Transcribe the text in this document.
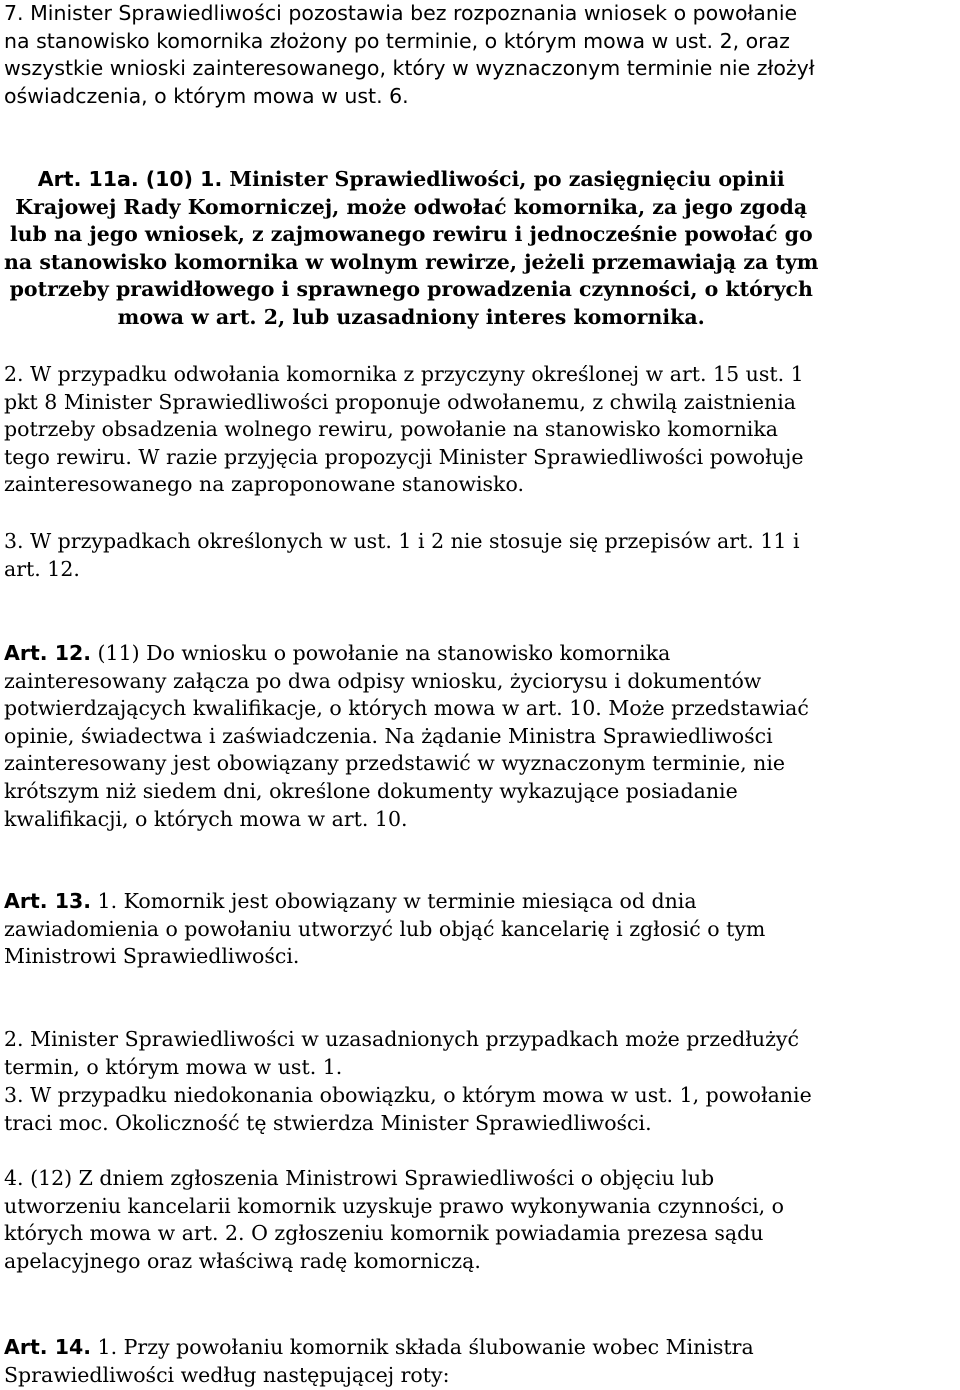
7. Minister Sprawiedliwości pozostawia bez rozpoznania wniosek o powołanie
na stanowisko komornika złożony po terminie, o którym mowa w ust. 2, oraz
wszystkie wnioski zainteresowanego, który w wyznaczonym terminie nie złożył
oświadczenia, o którym mowa w ust. 6.

Art. 11a. (10) 1. Minister Sprawiedliwości, po zasięgnięciu opinii
Krajowej Rady Komorniczej, może odwołać komornika, za jego zgodą
lub na jego wniosek, z zajmowanego rewiru i jednocześnie powołać go
na stanowisko komornika w wolnym rewirze, jeżeli przemawiają za tym
potrzeby prawidłowego i sprawnego prowadzenia czynności, o których
mowa w art. 2, lub uzasadniony interes komornika.

2. W przypadku odwołania komornika z przyczyny określonej w art. 15 ust. 1
pkt 8 Minister Sprawiedliwości proponuje odwołanemu, z chwilą zaistnienia
potrzeby obsadzenia wolnego rewiru, powołanie na stanowisko komornika
tego rewiru. W razie przyjęcia propozycji Minister Sprawiedliwości powołuje
zainteresowanego na zaproponowane stanowisko.

3. W przypadkach określonych w ust. 1 i 2 nie stosuje się przepisów art. 11 i
art. 12.

Art. 12. (11) Do wniosku o powołanie na stanowisko komornika
zainteresowany załącza po dwa odpisy wniosku, życiorysu i dokumentów
potwierdzających kwalifikacje, o których mowa w art. 10. Może przedstawiać
opinie, świadectwa i zaświadczenia. Na żądanie Ministra Sprawiedliwości
zainteresowany jest obowiązany przedstawić w wyznaczonym terminie, nie
krótszym niż siedem dni, określone dokumenty wykazujące posiadanie
kwalifikacji, o których mowa w art. 10.

Art. 13. 1. Komornik jest obowiązany w terminie miesiąca od dnia
zawiadomienia o powołaniu utworzyć lub objąć kancelarię i zgłosić o tym
Ministrowi Sprawiedliwości.

2. Minister Sprawiedliwości w uzasadnionych przypadkach może przedłużyć
termin, o którym mowa w ust. 1.

3. W przypadku niedokonania obowiązku, o którym mowa w ust. 1, powołanie
traci moc. Okoliczność tę stwierdza Minister Sprawiedliwości.

4. (12) Z dniem zgłoszenia Ministrowi Sprawiedliwości o objęciu lub
utworzeniu kancelarii komornik uzyskuje prawo wykonywania czynności, o
których mowa w art. 2. O zgłoszeniu komornik powiadamia prezesa sądu
apelacyjnego oraz właściwą radę komorniczą.

Art. 14. 1. Przy powołaniu komornik składa ślubowanie wobec Ministra
Sprawiedliwości według następującej roty:
